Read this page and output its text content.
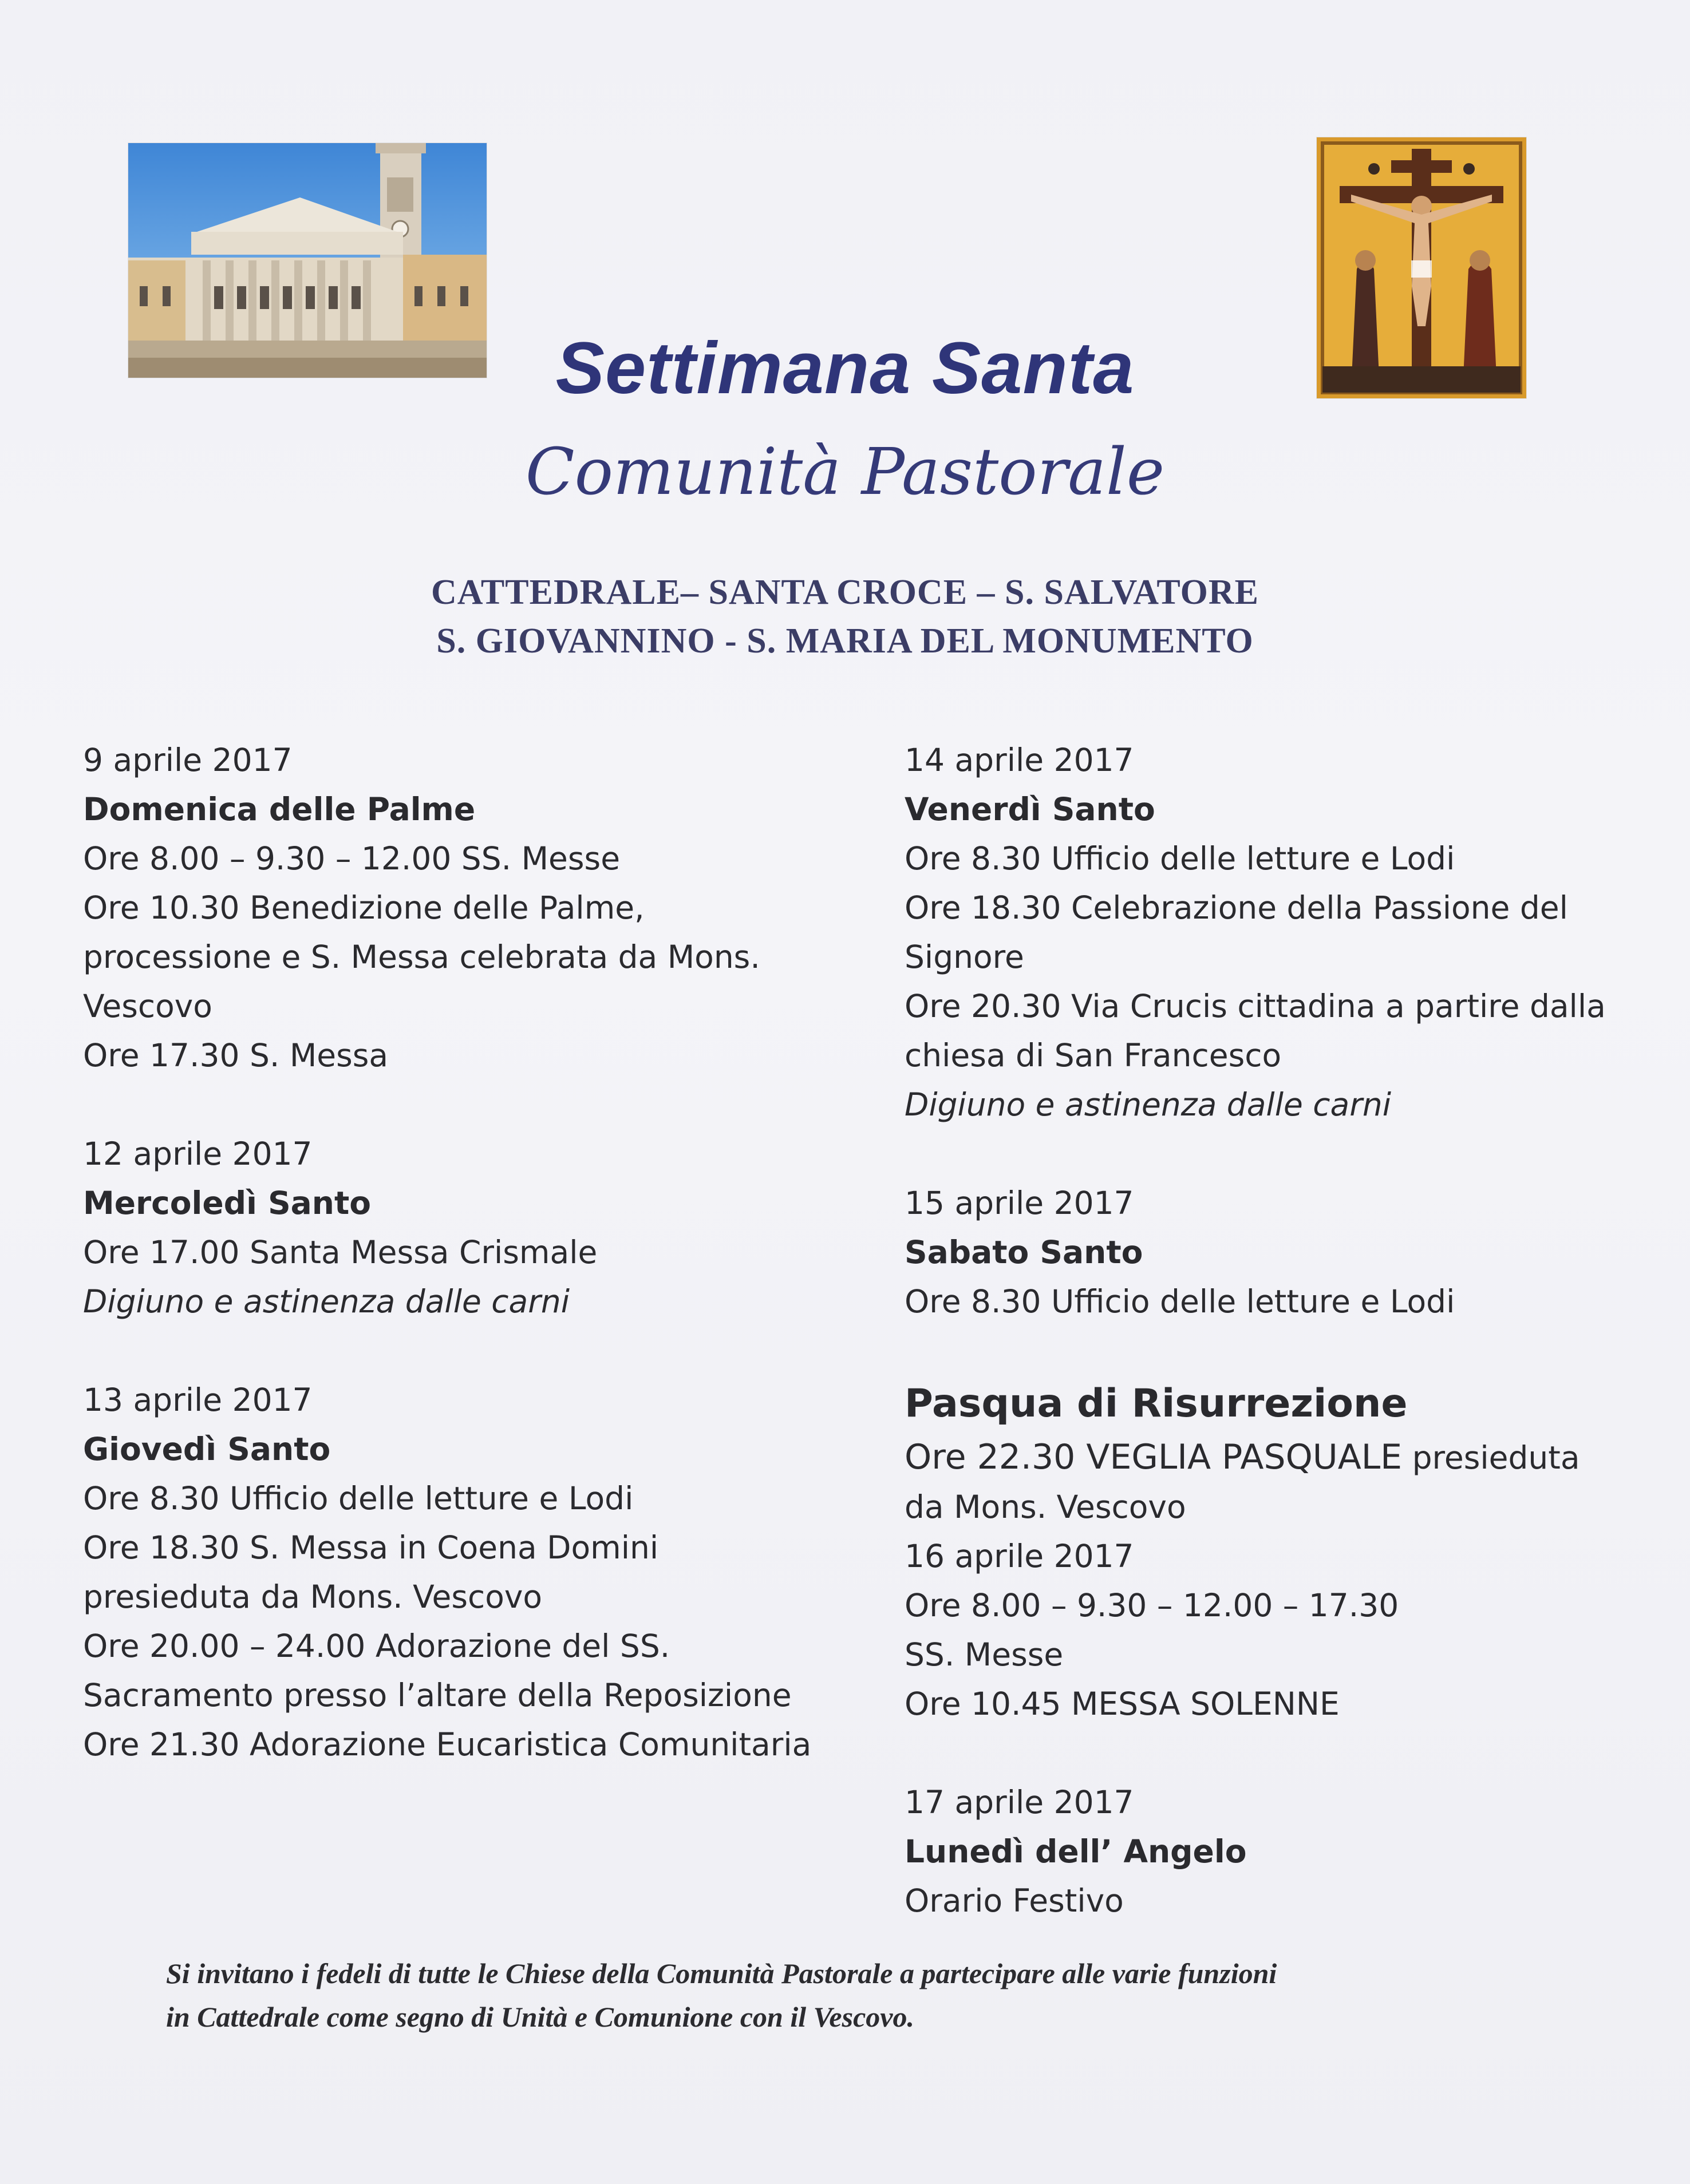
Settimana Santa
Comunità Pastorale
CATTEDRALE– SANTA CROCE – S. SALVATORE
S. GIOVANNINO - S. MARIA DEL MONUMENTO
9 aprile 2017
Domenica delle Palme
Ore 8.00 – 9.30 – 12.00 SS. Messe
Ore 10.30 Benedizione delle Palme,
processione e S. Messa celebrata da Mons.
Vescovo
Ore 17.30 S. Messa
12 aprile 2017
Mercoledì Santo
Ore 17.00 Santa Messa Crismale
Digiuno e astinenza dalle carni
13 aprile 2017
Giovedì Santo
Ore 8.30 Ufficio delle letture e Lodi
Ore 18.30 S. Messa in Coena Domini
presieduta da Mons. Vescovo
Ore 20.00 – 24.00 Adorazione del SS.
Sacramento presso l’altare della Reposizione
Ore 21.30 Adorazione Eucaristica Comunitaria
14 aprile 2017
Venerdì Santo
Ore 8.30 Ufficio delle letture e Lodi
Ore 18.30 Celebrazione della Passione del
Signore
Ore 20.30 Via Crucis cittadina a partire dalla
chiesa di San Francesco
Digiuno e astinenza dalle carni
15 aprile 2017
Sabato Santo
Ore 8.30 Ufficio delle letture e Lodi
Pasqua di Risurrezione
Ore 22.30 VEGLIA PASQUALE presieduta
da Mons. Vescovo
16 aprile 2017
Ore 8.00 – 9.30 – 12.00 – 17.30
SS. Messe
Ore 10.45 MESSA SOLENNE
17 aprile 2017
Lunedì dell’ Angelo
Orario Festivo
Si invitano i fedeli di tutte le Chiese della Comunità Pastorale a partecipare alle varie funzioni
in Cattedrale come segno di Unità e Comunione con il Vescovo.
